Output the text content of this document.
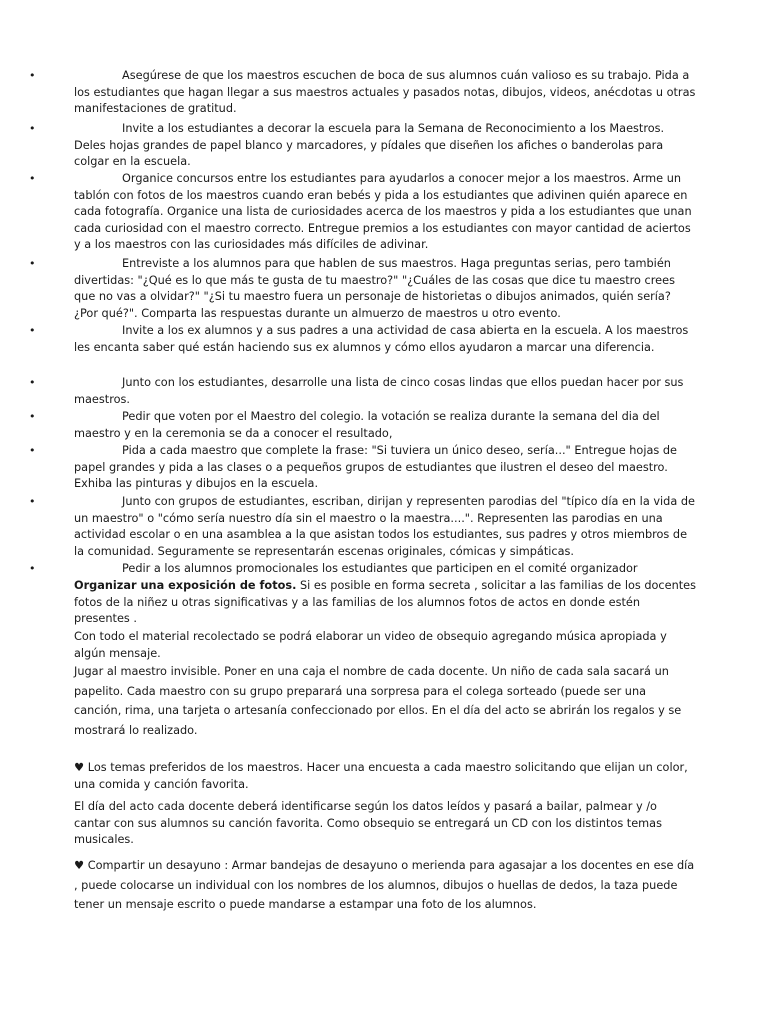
•	Asegúrese de que los maestros escuchen de boca de sus alumnos cuán valioso es su trabajo. Pida a los estudiantes que hagan llegar a sus maestros actuales y pasados notas, dibujos, videos, anécdotas u otras manifestaciones de gratitud.
•	Invite a los estudiantes a decorar la escuela para la Semana de Reconocimiento a los Maestros. Deles hojas grandes de papel blanco y marcadores, y pídales que diseñen los afiches o banderolas para colgar en la escuela.
•	Organice concursos entre los estudiantes para ayudarlos a conocer mejor a los maestros. Arme un tablón con fotos de los maestros cuando eran bebés y pida a los estudiantes que adivinen quién aparece en cada fotografía. Organice una lista de curiosidades acerca de los maestros y pida a los estudiantes que unan cada curiosidad con el maestro correcto. Entregue premios a los estudiantes con mayor cantidad de aciertos y a los maestros con las curiosidades más difíciles de adivinar.
•	Entreviste a los alumnos para que hablen de sus maestros. Haga preguntas serias, pero también divertidas: "¿Qué es lo que más te gusta de tu maestro?" "¿Cuáles de las cosas que dice tu maestro crees que no vas a olvidar?" "¿Si tu maestro fuera un personaje de historietas o dibujos animados, quién sería? ¿Por qué?". Comparta las respuestas durante un almuerzo de maestros u otro evento.
•	Invite a los ex alumnos y a sus padres a una actividad de casa abierta en la escuela. A los maestros les encanta saber qué están haciendo sus ex alumnos y cómo ellos ayudaron a marcar una diferencia.
•	Junto con los estudiantes, desarrolle una lista de cinco cosas lindas que ellos puedan hacer por sus maestros.
•	Pedir que voten por el Maestro del colegio. la votación se realiza durante la semana del dia del maestro y en la ceremonia se da a conocer el resultado,
•	Pida a cada maestro que complete la frase: "Si tuviera un único deseo, sería..." Entregue hojas de papel grandes y pida a las clases o a pequeños grupos de estudiantes que ilustren el deseo del maestro. Exhiba las pinturas y dibujos en la escuela.
•	Junto con grupos de estudiantes, escriban, dirijan y representen parodias del "típico día en la vida de un maestro" o "cómo sería nuestro día sin el maestro o la maestra....". Representen las parodias en una actividad escolar o en una asamblea a la que asistan todos los estudiantes, sus padres y otros miembros de la comunidad. Seguramente se representarán escenas originales, cómicas y simpáticas.
•	Pedir a los alumnos promocionales los estudiantes que participen en el comité organizador
Organizar una exposición de fotos. Si es posible en forma secreta , solicitar a las familias de los docentes fotos de la niñez u otras significativas y a las familias de los alumnos fotos de actos en donde estén presentes .
Con todo el material recolectado se podrá elaborar un video de obsequio agregando música apropiada y algún mensaje.
Jugar al maestro invisible. Poner en una caja el nombre de cada docente. Un niño de cada sala sacará un papelito. Cada maestro con su grupo preparará una sorpresa para el colega sorteado (puede ser una canción, rima, una tarjeta o artesanía confeccionado por ellos. En el día del acto se abrirán los regalos y se mostrará lo realizado.
♥ Los temas preferidos de los maestros. Hacer una encuesta a cada maestro solicitando que elijan un color, una comida y canción favorita.
El día del acto cada docente deberá identificarse según los datos leídos y pasará a bailar, palmear y /o cantar con sus alumnos su canción favorita. Como obsequio se entregará un CD con los distintos temas musicales.
♥ Compartir un desayuno : Armar bandejas de desayuno o merienda para agasajar a los docentes en ese día , puede colocarse un individual con los nombres de los alumnos, dibujos o huellas de dedos, la taza puede tener un mensaje escrito o puede mandarse a estampar una foto de los alumnos.
